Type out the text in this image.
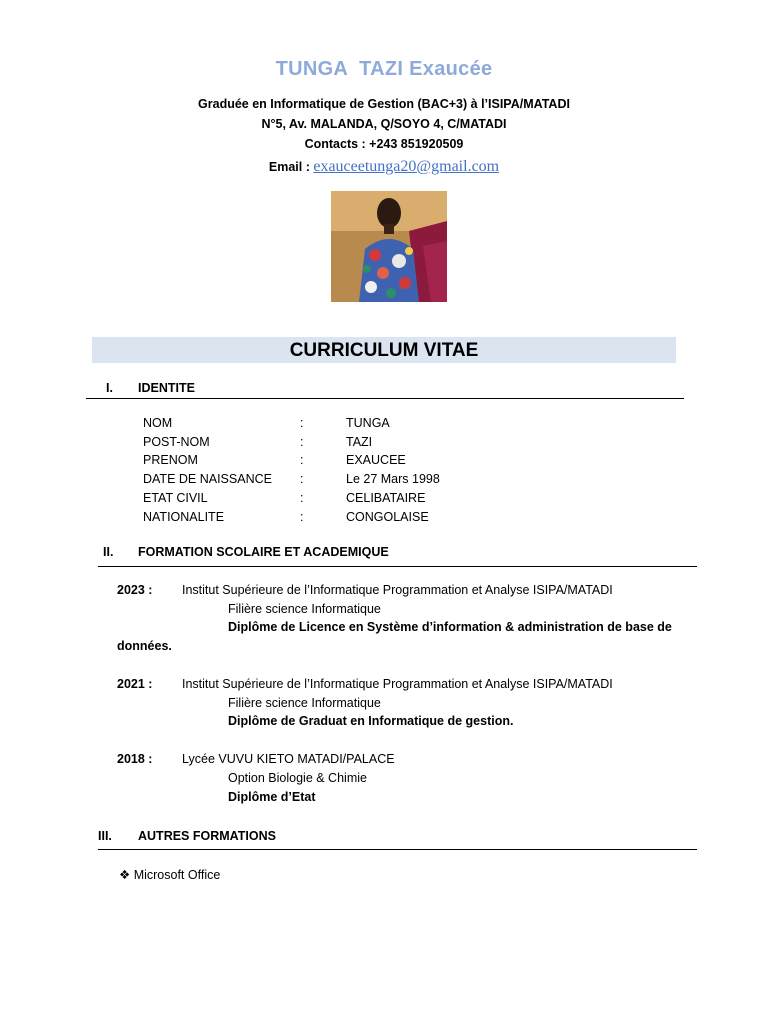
TUNGA  TAZI Exaucée
Graduée en Informatique de Gestion (BAC+3) à l’ISIPA/MATADI
N°5, Av. MALANDA, Q/SOYO 4, C/MATADI
Contacts : +243 851920509
Email : exauceetunga20@gmail.com
CURRICULUM VITAE
I. IDENTITE
NOM	:	TUNGA
POST-NOM	:	TAZI
PRENOM	:	EXAUCEE
DATE DE NAISSANCE :	Le 27 Mars 1998
ETAT CIVIL	:	CELIBATAIRE
NATIONALITE	:	CONGOLAISE
II. FORMATION SCOLAIRE ET ACADEMIQUE
2023 : Institut Supérieure de l’Informatique Programmation et Analyse ISIPA/MATADI
Filière science Informatique
Diplôme de Licence en Système d’information & administration de base de
données.
2021 : Institut Supérieure de l’Informatique Programmation et Analyse ISIPA/MATADI
Filière science Informatique
Diplôme de Graduat en Informatique de gestion.
2018 : Lycée VUVU KIETO MATADI/PALACE
Option Biologie & Chimie
Diplôme d’Etat
III. AUTRES FORMATIONS
❖ Microsoft Office
